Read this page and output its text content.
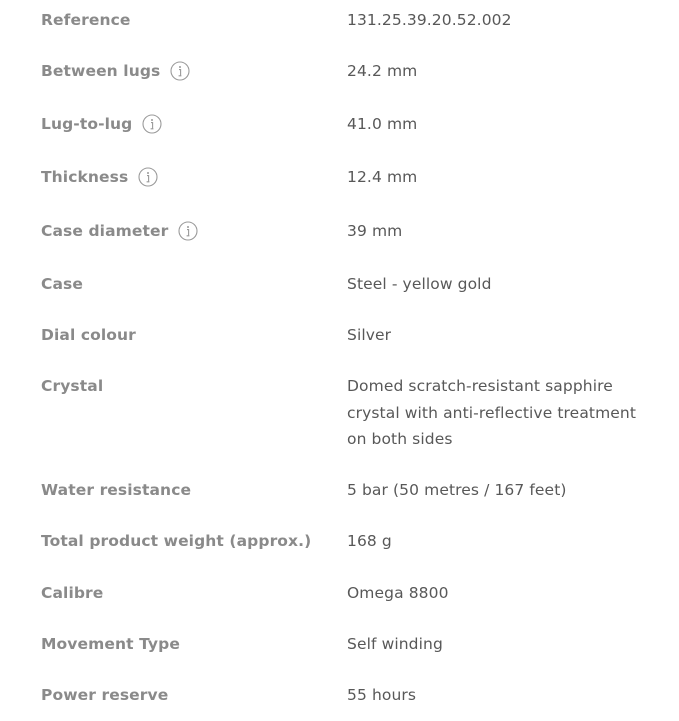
Reference	131.25.39.20.52.002
Between lugs	24.2 mm
Lug-to-lug	41.0 mm
Thickness	12.4 mm
Case diameter	39 mm
Case	Steel - yellow gold
Dial colour	Silver
Crystal	Domed scratch-resistant sapphire crystal with anti-reflective treatment on both sides
Water resistance	5 bar (50 metres / 167 feet)
Total product weight (approx.) 168 g
Calibre	Omega 8800
Movement Type	Self winding
Power reserve	55 hours
